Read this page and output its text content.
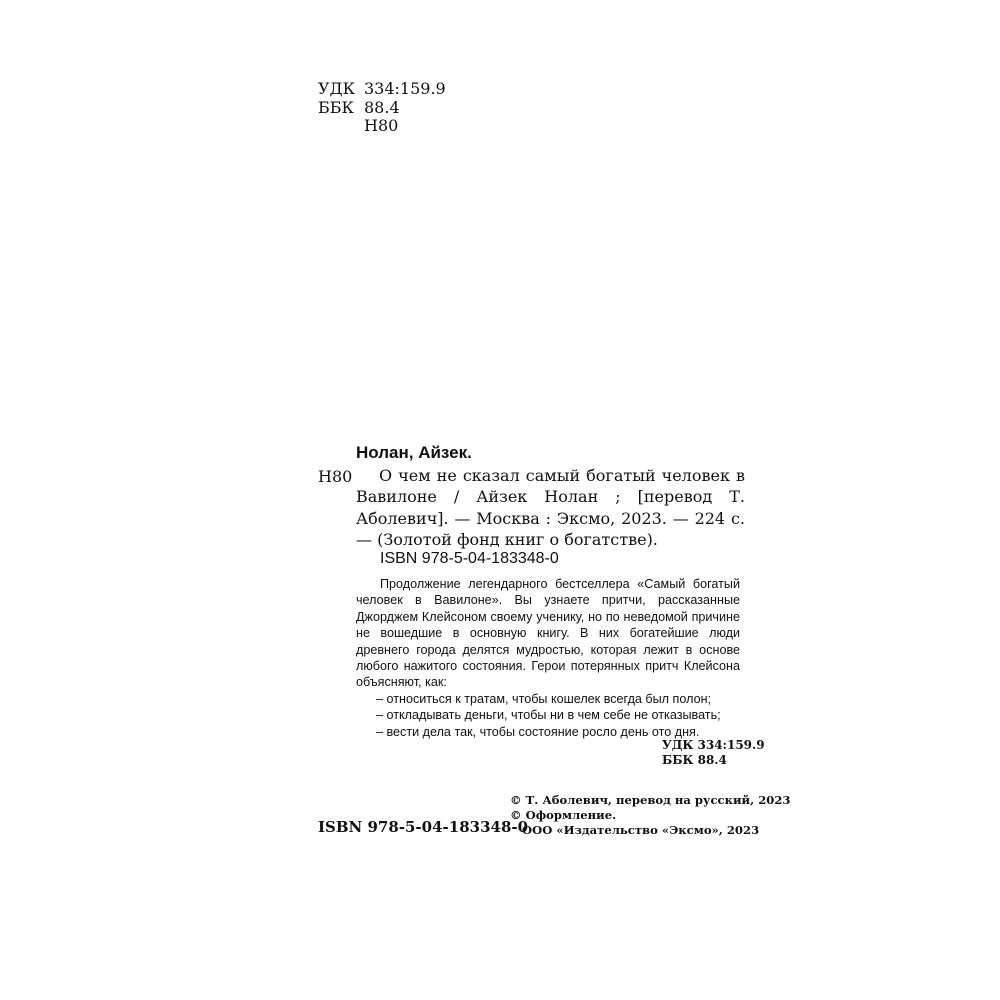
УДК 334:159.9
ББК 88.4
Н80
Нолан, Айзек.
Н80	О чем не сказал самый богатый человек в Вавилоне / Айзек Нолан ; [перевод Т. Аболевич]. — Москва : Эксмо, 2023. — 224 с. — (Золотой фонд книг о богатстве).
ISBN 978-5-04-183348-0

Продолжение легендарного бестселлера «Самый богатый человек в Вавилоне». Вы узнаете притчи, рассказанные Джорджем Клейсоном своему ученику, но по неведомой причине не вошедшие в основную книгу. В них богатейшие люди древнего города делятся мудростью, которая лежит в основе любого нажитого состояния. Герои потерянных притч Клейсона объясняют, как:

– относиться к тратам, чтобы кошелек всегда был полон;
– откладывать деньги, чтобы ни в чем себе не отказывать;
– вести дела так, чтобы состояние росло день ото дня.
УДК 334:159.9
ББК 88.4
© Т. Аболевич, перевод на русский, 2023
© Оформление.
ООО «Издательство «Эксмо», 2023
ISBN 978-5-04-183348-0
